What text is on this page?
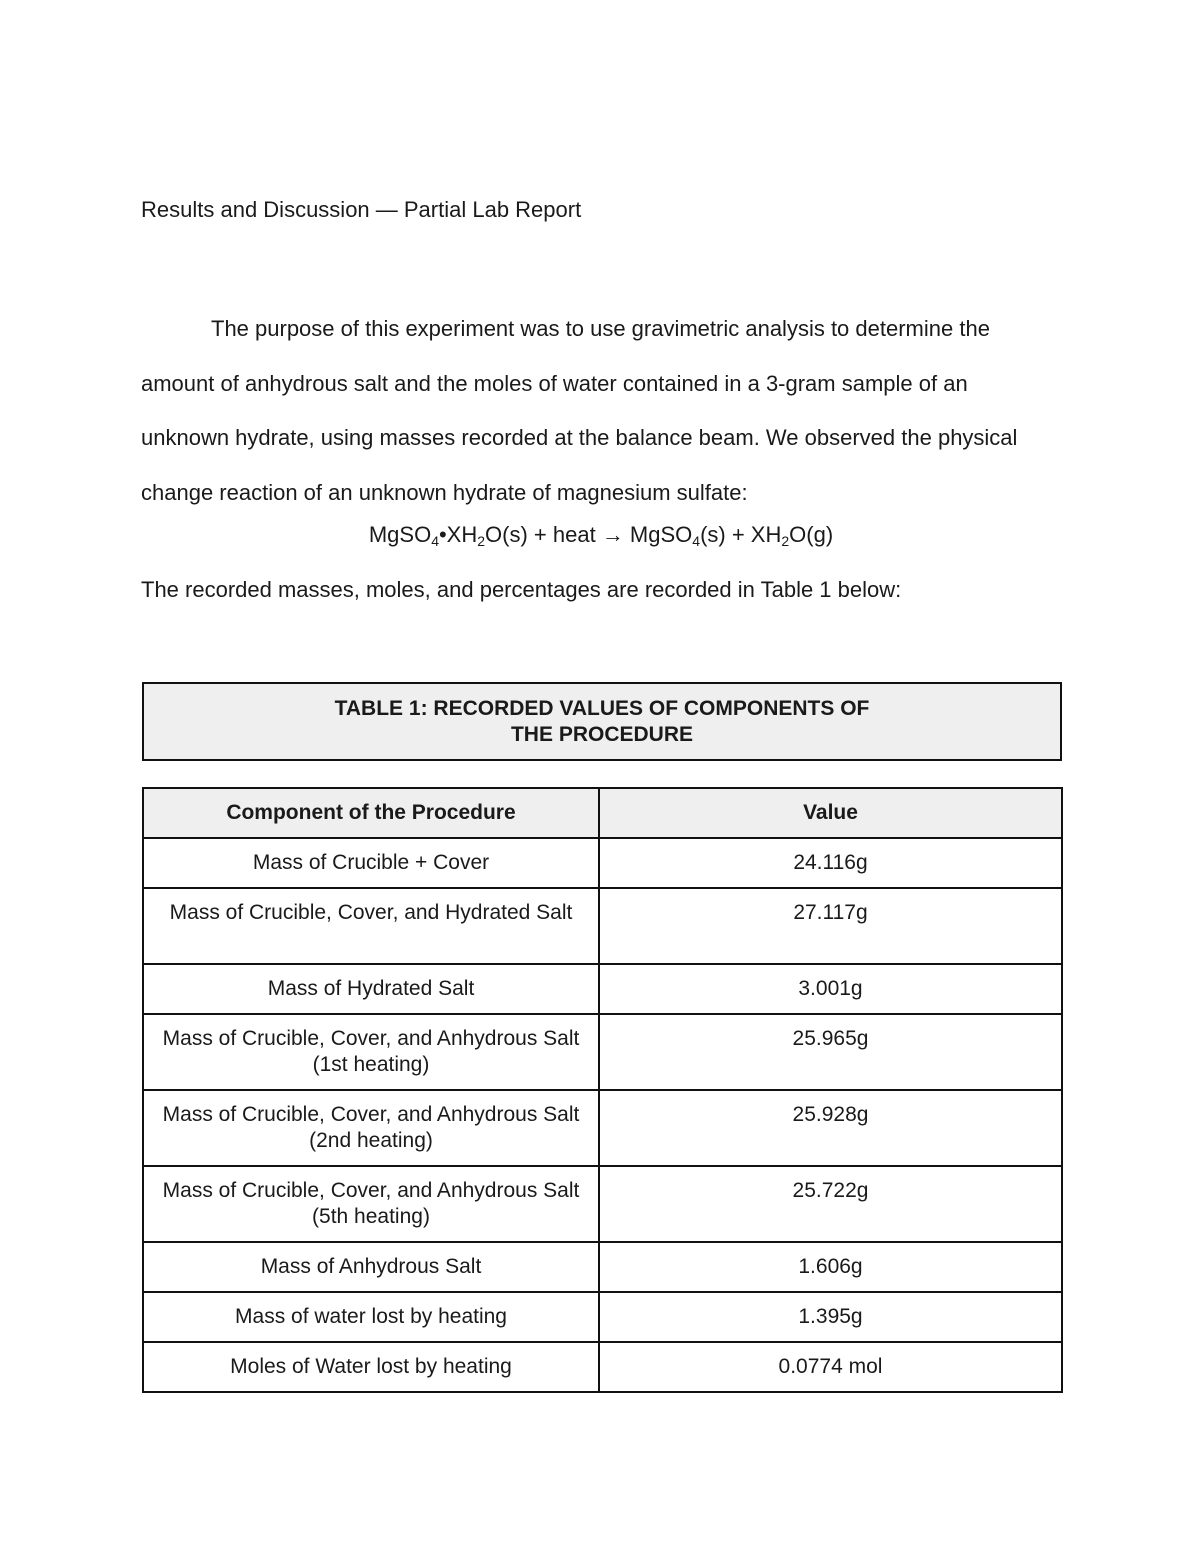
Results and Discussion — Partial Lab Report

The purpose of this experiment was to use gravimetric analysis to determine the amount of anhydrous salt and the moles of water contained in a 3-gram sample of an unknown hydrate, using masses recorded at the balance beam. We observed the physical change reaction of an unknown hydrate of magnesium sulfate:

$MgSO_4•XH_2O(s)$ + heat → MgSO$_4$(s) + $XH_2O(g)$
The recorded masses, moles, and percentages are recorded in Table 1 below:
TABLE 1: RECORDED VALUES OF COMPONENTS OF
THE PROCEDURE
Component of the Procedure	Value
Mass of Crucible + Cover	24.116g
Mass of Crucible, Cover, and Hydrated Salt	27.117g
Mass of Hydrated Salt	3.001g
Mass of Crucible, Cover, and Anhydrous Salt (1st heating)	25.965g
Mass of Crucible, Cover, and Anhydrous Salt (2nd heating)	25.928g
Mass of Crucible, Cover, and Anhydrous Salt (5th heating)	25.722g
Mass of Anhydrous Salt	1.606g
Mass of water lost by heating	1.395g
Moles of Water lost by heating	0.0774 mol
